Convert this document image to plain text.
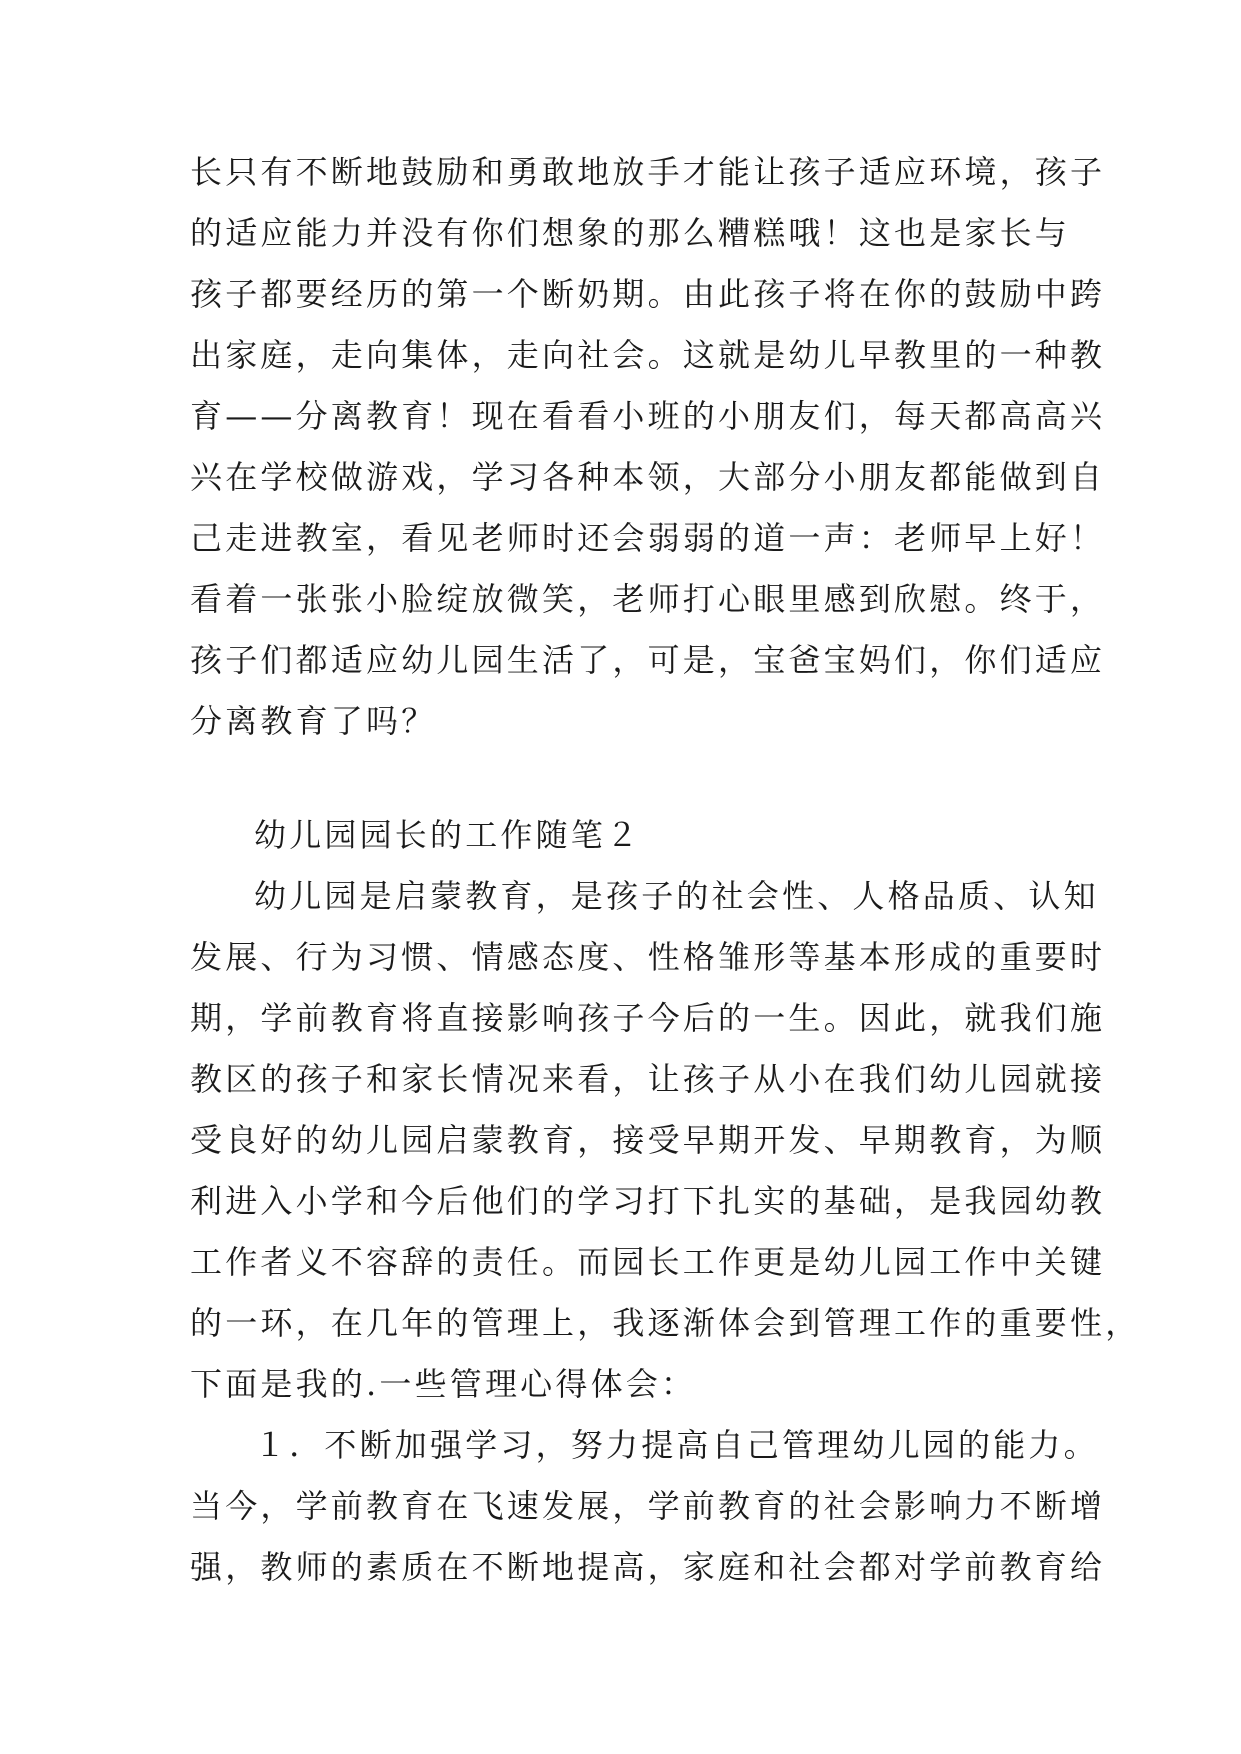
长只有不断地鼓励和勇敢地放手才能让孩子适应环境，孩子
的适应能力并没有你们想象的那么糟糕哦！这也是家长与
孩子都要经历的第一个断奶期。由此孩子将在你的鼓励中跨
出家庭，走向集体，走向社会。这就是幼儿早教里的一种教
育——分离教育！现在看看小班的小朋友们，每天都高高兴
兴在学校做游戏，学习各种本领，大部分小朋友都能做到自
己走进教室，看见老师时还会弱弱的道一声：老师早上好！
看着一张张小脸绽放微笑，老师打心眼里感到欣慰。终于，
孩子们都适应幼儿园生活了，可是，宝爸宝妈们，你们适应
分离教育了吗？
幼儿园园长的工作随笔２
幼儿园是启蒙教育，是孩子的社会性、人格品质、认知
发展、行为习惯、情感态度、性格雏形等基本形成的重要时
期，学前教育将直接影响孩子今后的一生。因此，就我们施
教区的孩子和家长情况来看，让孩子从小在我们幼儿园就接
受良好的幼儿园启蒙教育，接受早期开发、早期教育，为顺
利进入小学和今后他们的学习打下扎实的基础，是我园幼教
工作者义不容辞的责任。而园长工作更是幼儿园工作中关键
的一环，在几年的管理上，我逐渐体会到管理工作的重要性，
下面是我的.一些管理心得体会：
１．不断加强学习，努力提高自己管理幼儿园的能力。
当今，学前教育在飞速发展，学前教育的社会影响力不断增
强，教师的素质在不断地提高，家庭和社会都对学前教育给
